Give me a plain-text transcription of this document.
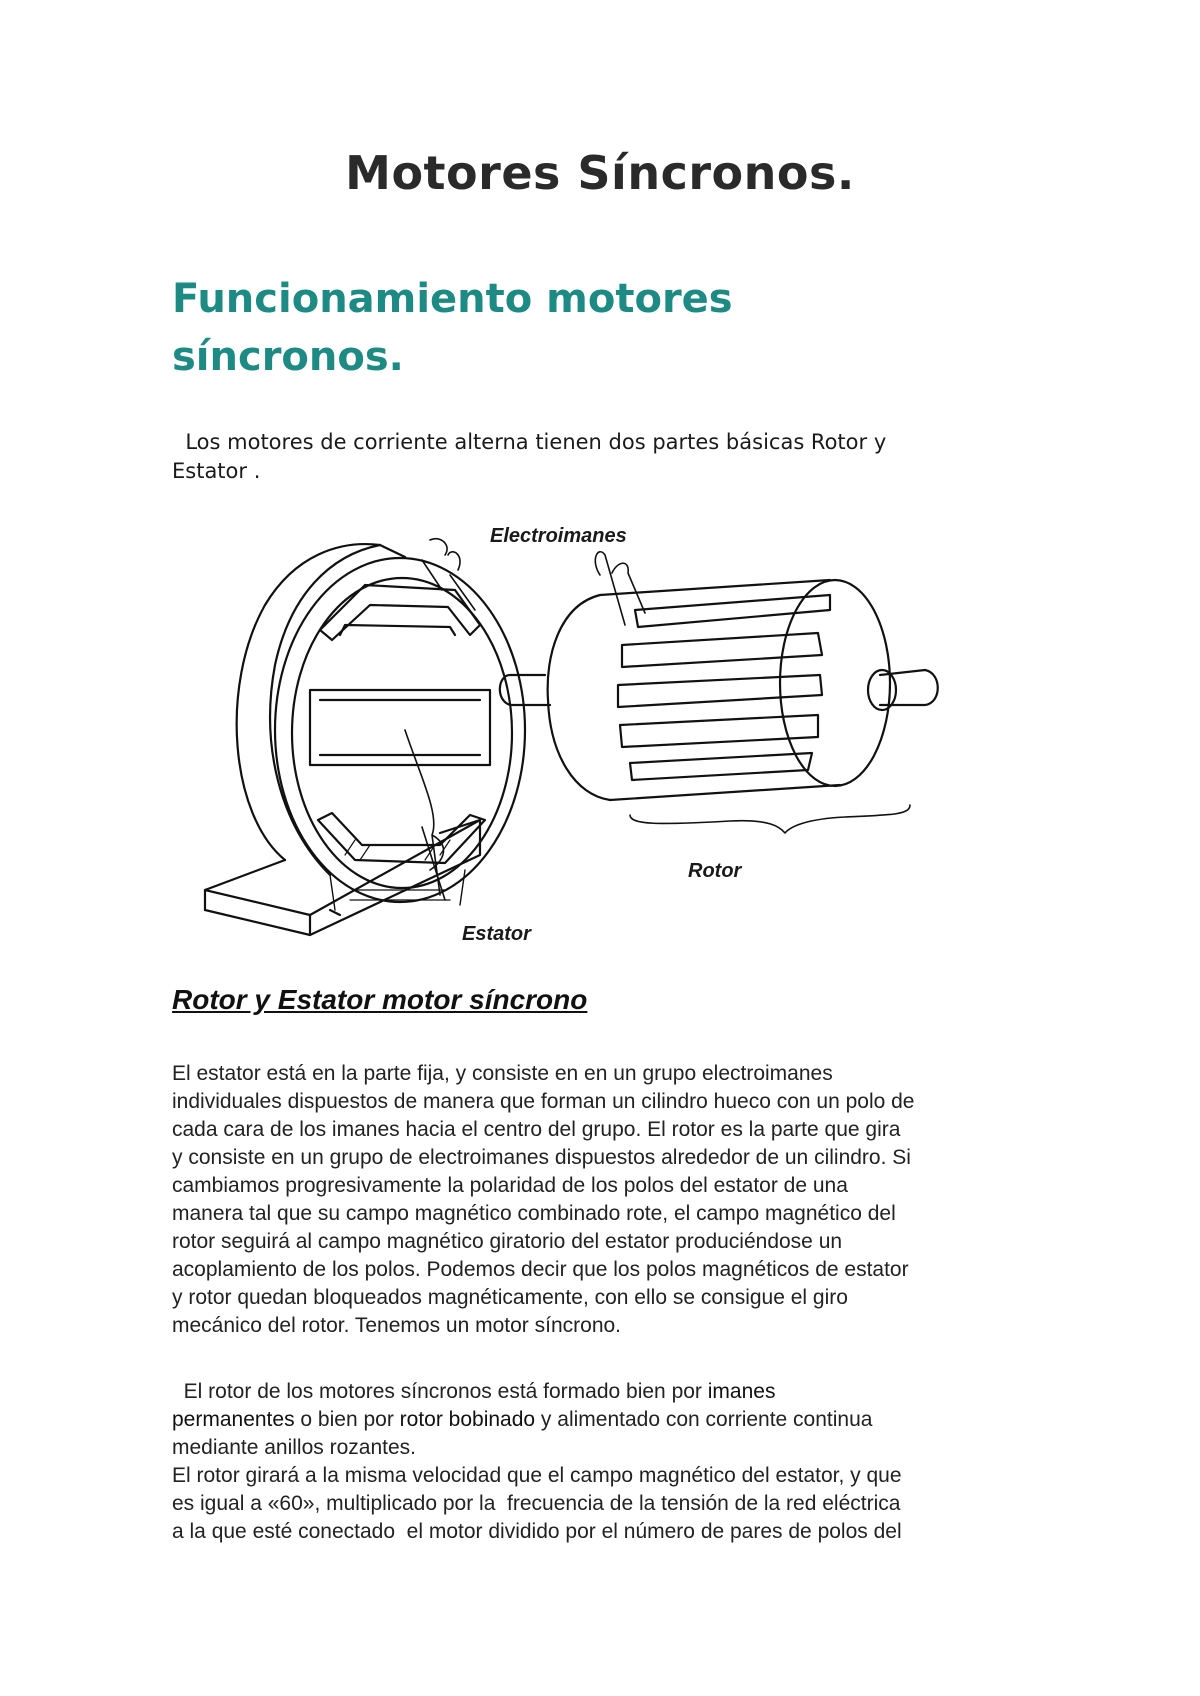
Motores Síncronos.
Funcionamiento motores
síncronos.

Los motores de corriente alterna tienen dos partes básicas Rotor y
Estator .

Electroimanes
Rotor
Estator
Rotor y Estator motor síncrono

El estator está en la parte fija, y consiste en en un grupo electroimanes
individuales dispuestos de manera que forman un cilindro hueco con un polo de
cada cara de los imanes hacia el centro del grupo. El rotor es la parte que gira
y consiste en un grupo de electroimanes dispuestos alrededor de un cilindro. Si
cambiamos progresivamente la polaridad de los polos del estator de una
manera tal que su campo magnético combinado rote, el campo magnético del
rotor seguirá al campo magnético giratorio del estator produciéndose un
acoplamiento de los polos. Podemos decir que los polos magnéticos de estator
y rotor quedan bloqueados magnéticamente, con ello se consigue el giro
mecánico del rotor. Tenemos un motor síncrono.

El rotor de los motores síncronos está formado bien por imanes
permanentes o bien por rotor bobinado y alimentado con corriente continua
mediante anillos rozantes.

El rotor girará a la misma velocidad que el campo magnético del estator, y que
es igual a «60», multiplicado por la  frecuencia de la tensión de la red eléctrica
a la que esté conectado  el motor dividido por el número de pares de polos del
